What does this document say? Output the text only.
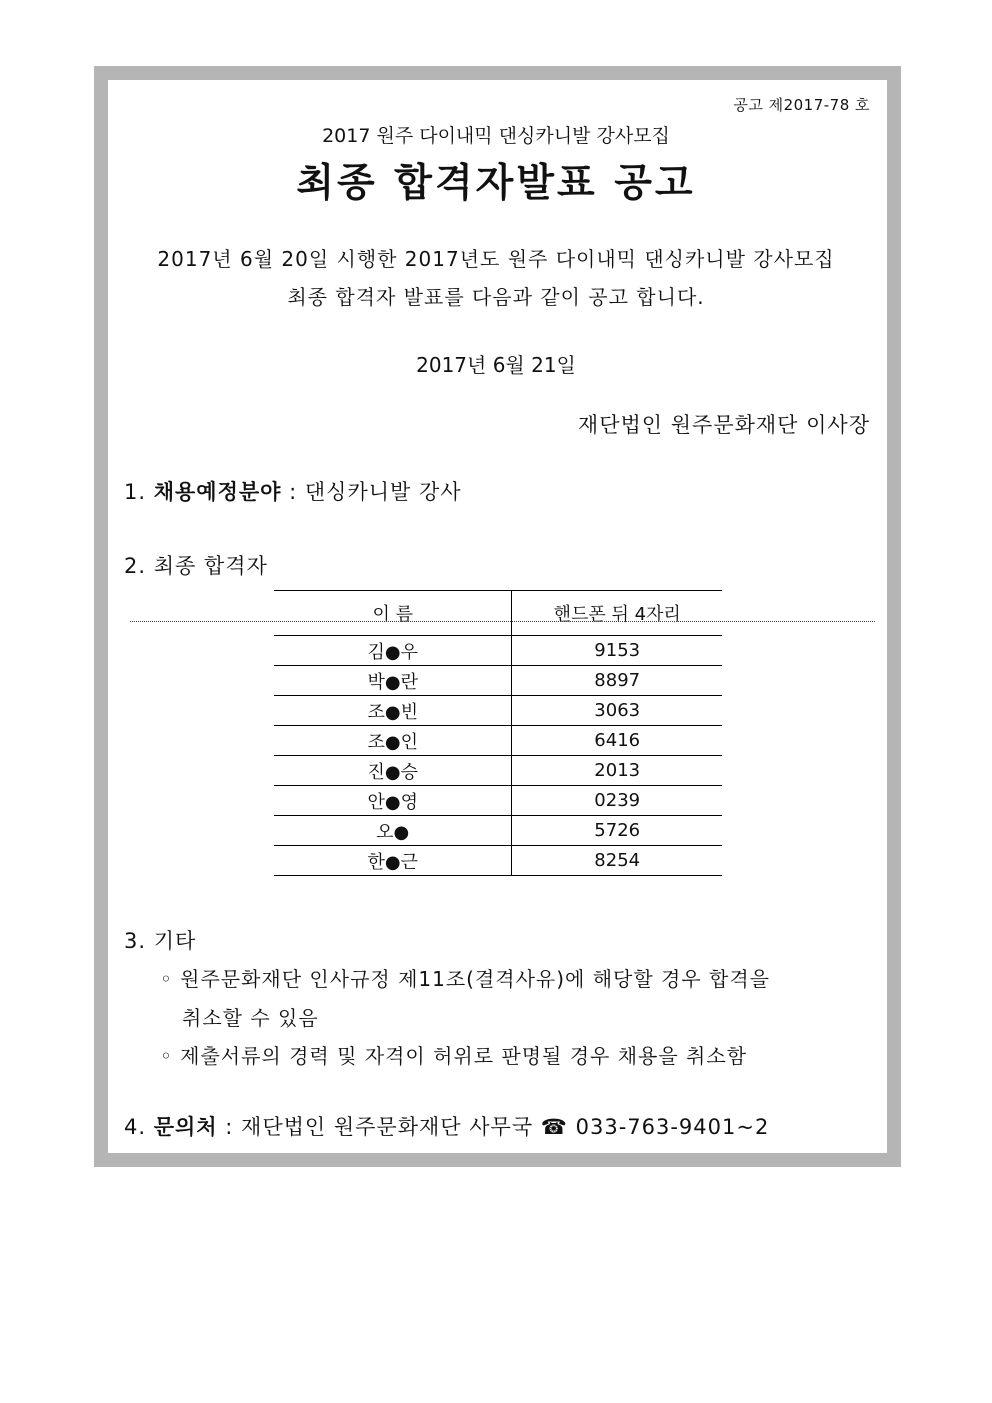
공고 제2017-78 호
2017 원주 다이내믹 댄싱카니발 강사모집
최종 합격자발표 공고
2017년 6월 20일 시행한 2017년도 원주 다이내믹 댄싱카니발 강사모집
최종 합격자 발표를 다음과 같이 공고 합니다.
2017년 6월 21일
재단법인 원주문화재단 이사장
1. 채용예정분야 : 댄싱카니발 강사
2. 최종 합격자
이 름	핸드폰 뒤 4자리
김●우	9153
박●란	8897
조●빈	3063
조●인	6416
진●승	2013
안●영	0239
오●	5726
한●근	8254
3. 기타
◦ 원주문화재단 인사규정 제11조(결격사유)에 해당할 경우 합격을
취소할 수 있음
◦ 제출서류의 경력 및 자격이 허위로 판명될 경우 채용을 취소함
4. 문의처 : 재단법인 원주문화재단 사무국 ☎ 033-763-9401~2
